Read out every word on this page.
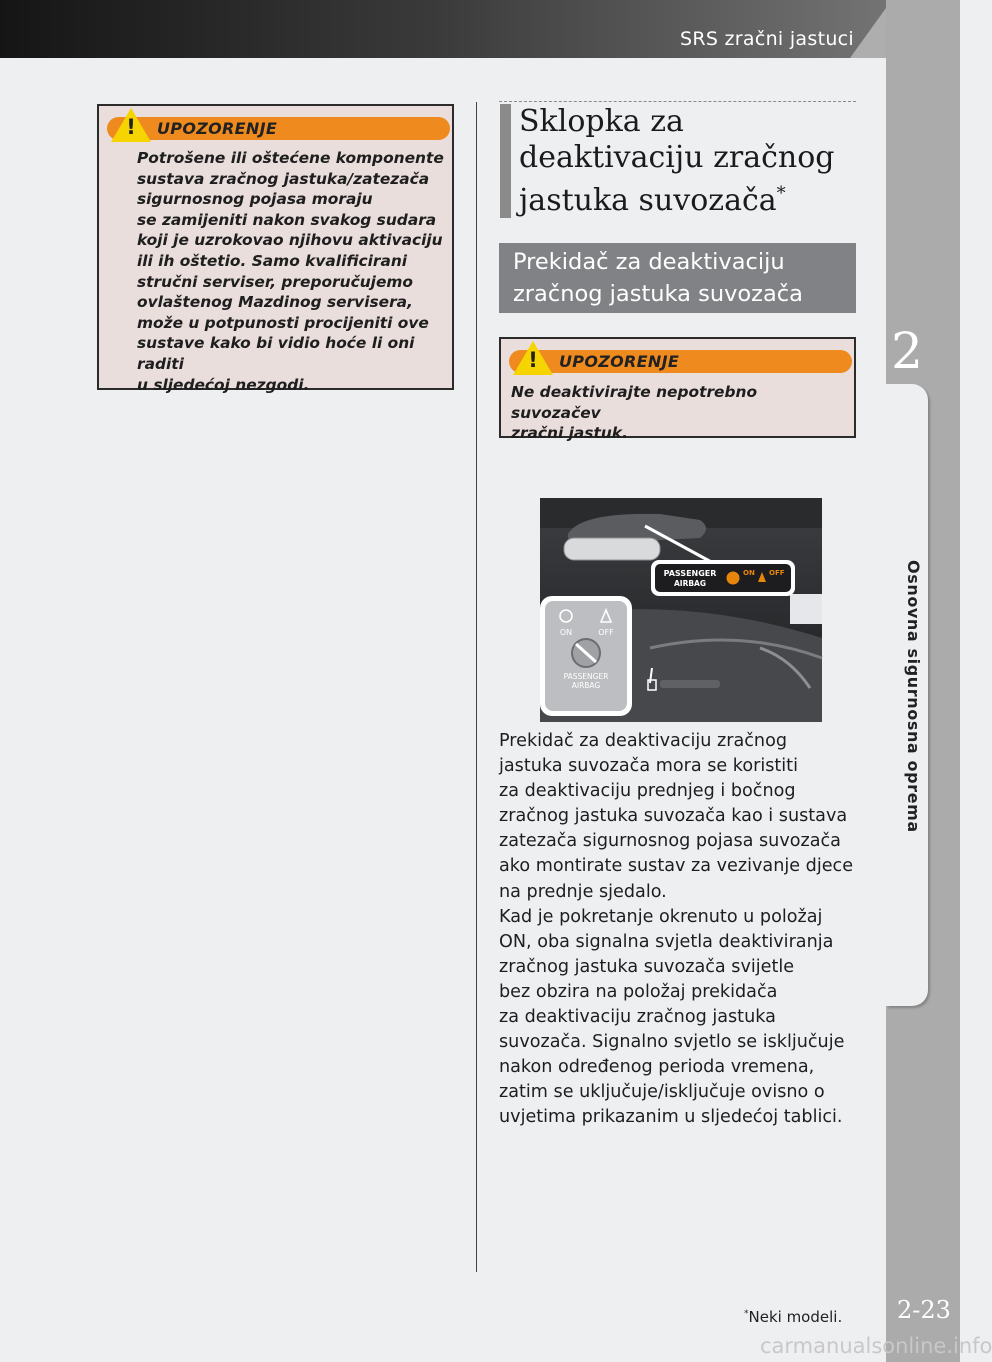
SRS zračni jastuci
2
Osnovna sigurnosna oprema
2-23
!	UPOZORENJE
Potrošene ili oštećene komponente
sustava zračnog jastuka/zatezača
sigurnosnog pojasa moraju
se zamijeniti nakon svakog sudara
koji je uzrokovao njihovu aktivaciju
ili ih oštetio. Samo kvalificirani
stručni serviser, preporučujemo
ovlaštenog Mazdinog servisera,
može u potpunosti procijeniti ove
sustave kako bi vidio hoće li oni raditi
u sljedećoj nezgodi.
Sklopka za
deaktivaciju zračnog
jastuka suvozača*
Prekidač za deaktivaciju
zračnog jastuka suvozača
!	UPOZORENJE
Ne deaktivirajte nepotrebno suvozačev
zračni jastuk.
PASSENGER
AIRBAG
ON OFF
ON	OFF
PASSENGER
AIRBAG
Prekidač za deaktivaciju zračnog
jastuka suvozača mora se koristiti
za deaktivaciju prednjeg i bočnog
zračnog jastuka suvozača kao i sustava
zatezača sigurnosnog pojasa suvozača
ako montirate sustav za vezivanje djece
na prednje sjedalo.
Kad je pokretanje okrenuto u položaj
ON, oba signalna svjetla deaktiviranja
zračnog jastuka suvozača svijetle
bez obzira na položaj prekidača
za deaktivaciju zračnog jastuka
suvozača. Signalno svjetlo se isključuje
nakon određenog perioda vremena,
zatim se uključuje/isključuje ovisno o
uvjetima prikazanim u sljedećoj tablici.
*Neki modeli.
carmanualsonline.info
